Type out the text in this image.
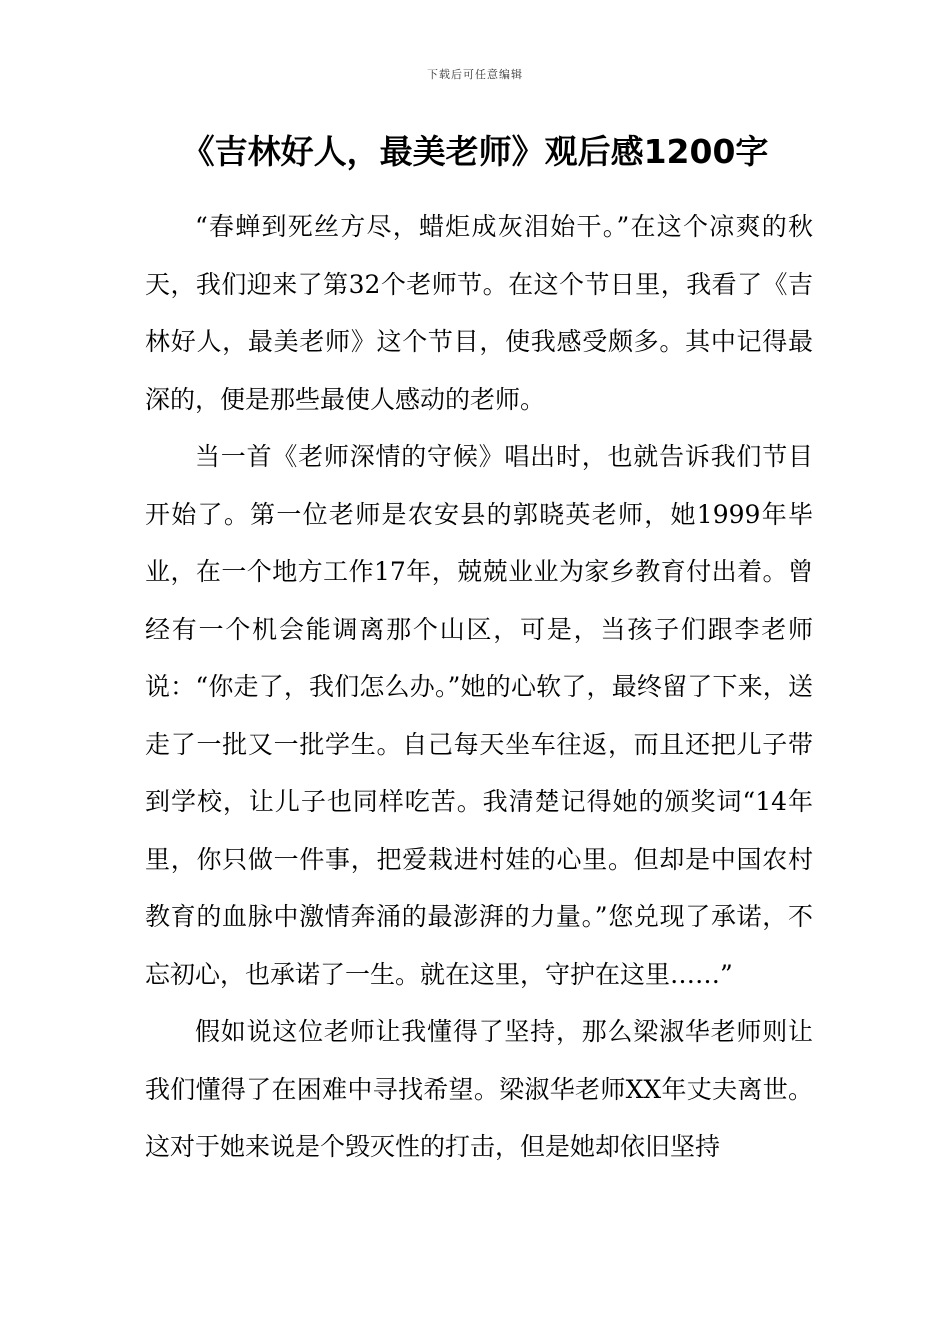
下载后可任意编辑
《吉林好人，最美老师》观后感1200字

“春蝉到死丝方尽，蜡炬成灰泪始干。”在这个凉爽的秋天，我们迎来了第32个老师节。在这个节日里，我看了《吉林好人，最美老师》这个节目，使我感受颇多。其中记得最深的，便是那些最使人感动的老师。

当一首《老师深情的守候》唱出时，也就告诉我们节目开始了。第一位老师是农安县的郭晓英老师，她1999年毕业，在一个地方工作17年，兢兢业业为家乡教育付出着。曾经有一个机会能调离那个山区，可是，当孩子们跟李老师说：“你走了，我们怎么办。”她的心软了，最终留了下来，送走了一批又一批学生。自己每天坐车往返，而且还把儿子带到学校，让儿子也同样吃苦。我清楚记得她的颁奖词“14年里，你只做一件事，把爱栽进村娃的心里。但却是中国农村教育的血脉中激情奔涌的最澎湃的力量。”您兑现了承诺，不忘初心，也承诺了一生。就在这里，守护在这里……”

假如说这位老师让我懂得了坚持，那么梁淑华老师则让我们懂得了在困难中寻找希望。梁淑华老师XX年丈夫离世。这对于她来说是个毁灭性的打击，但是她却依旧坚持
